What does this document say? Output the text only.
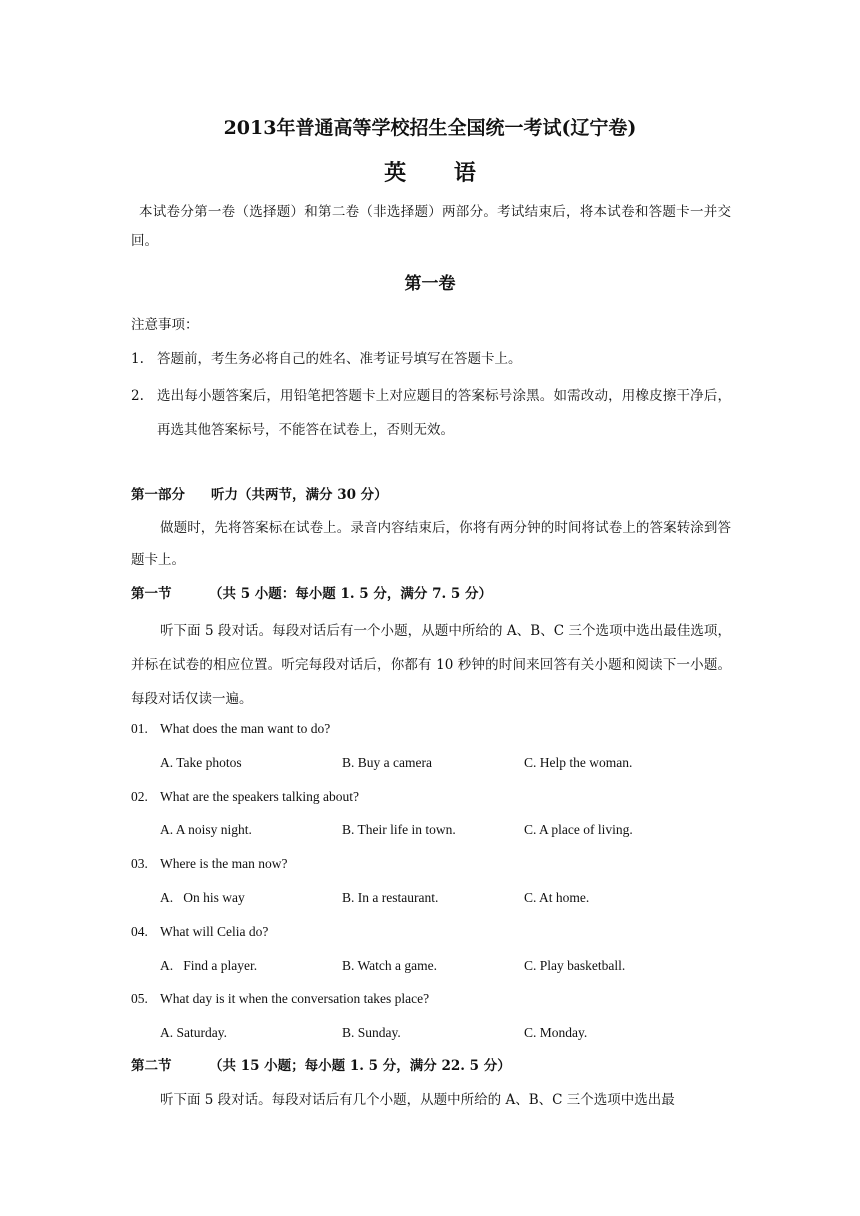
2013年普通高等学校招生全国统一考试(辽宁卷)
英 语
本试卷分第一卷（选择题）和第二卷（非选择题）两部分。考试结束后，将本试卷和答题卡一并交回。
第一卷
注意事项：
1. 答题前，考生务必将自己的姓名、准考证号填写在答题卡上。
2. 选出每小题答案后，用铅笔把答题卡上对应题目的答案标号涂黑。如需改动，用橡皮擦干净后，再选其他答案标号，不能答在试卷上，否则无效。
第一部分 听力（共两节，满分 30 分）
做题时，先将答案标在试卷上。录音内容结束后，你将有两分钟的时间将试卷上的答案转涂到答题卡上。
第一节	（共 5 小题：每小题 1. 5 分，满分 7. 5 分）
听下面 5 段对话。每段对话后有一个小题，从题中所给的 A、B、C 三个选项中选出最佳选项，并标在试卷的相应位置。听完每段对话后，你都有 10 秒钟的时间来回答有关小题和阅读下一小题。每段对话仅读一遍。
01. What does the man want to do?
A. Take photos	B. Buy a camera	C. Help the woman.
02. What are the speakers talking about?
A. A noisy night.	B. Their life in town.	C. A place of living.
03. Where is the man now?
A.   On his way	B. In a restaurant.	C. At home.
04. What will Celia do?
A.   Find a player.	B. Watch a game.	C. Play basketball.
05. What day is it when the conversation takes place?
A. Saturday.	B. Sunday.	C. Monday.
第二节	（共 15 小题；每小题 1. 5 分，满分 22. 5 分）
听下面 5 段对话。每段对话后有几个小题，从题中所给的 A、B、C 三个选项中选出最
